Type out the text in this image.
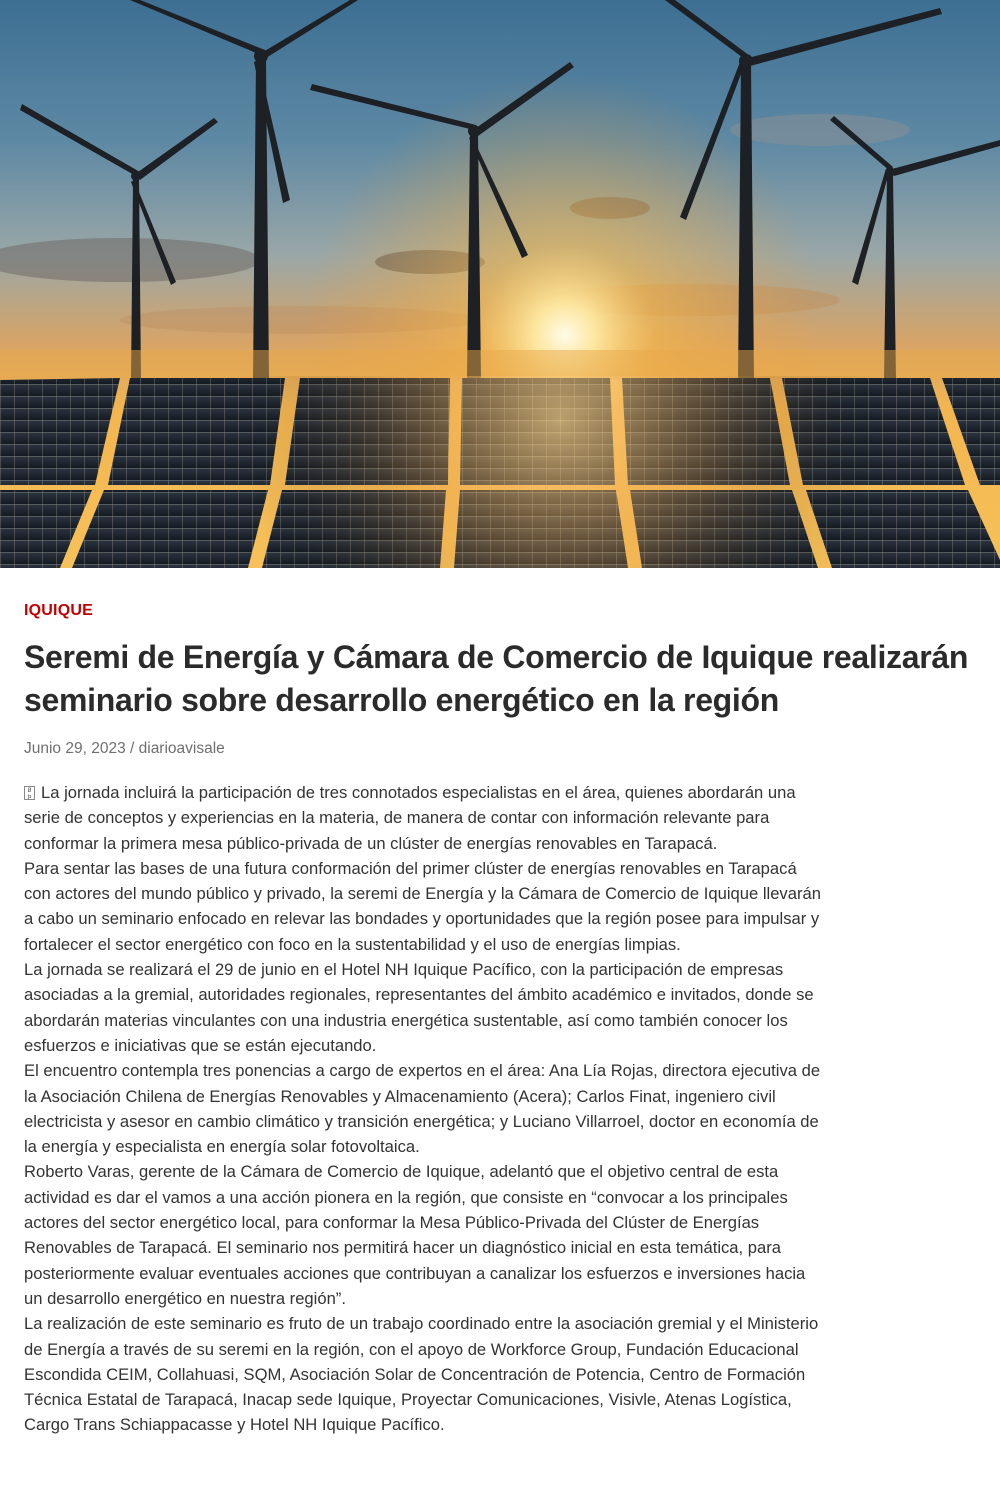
IQUIQUE
Seremi de Energía y Cámara de Comercio de Iquique realizarán seminario sobre desarrollo energético en la región
Junio 29, 2023 / diarioavisale

Ø
Þ La jornada incluirá la participación de tres connotados especialistas en el área, quienes abordarán una serie de conceptos y experiencias en la materia, de manera de contar con información relevante para conformar la primera mesa público-privada de un clúster de energías renovables en Tarapacá.

Para sentar las bases de una futura conformación del primer clúster de energías renovables en Tarapacá con actores del mundo público y privado, la seremi de Energía y la Cámara de Comercio de Iquique llevarán a cabo un seminario enfocado en relevar las bondades y oportunidades que la región posee para impulsar y fortalecer el sector energético con foco en la sustentabilidad y el uso de energías limpias.

La jornada se realizará el 29 de junio en el Hotel NH Iquique Pacífico, con la participación de empresas asociadas a la gremial, autoridades regionales, representantes del ámbito académico e invitados, donde se abordarán materias vinculantes con una industria energética sustentable, así como también conocer los esfuerzos e iniciativas que se están ejecutando.

El encuentro contempla tres ponencias a cargo de expertos en el área: Ana Lía Rojas, directora ejecutiva de la Asociación Chilena de Energías Renovables y Almacenamiento (Acera); Carlos Finat, ingeniero civil electricista y asesor en cambio climático y transición energética; y Luciano Villarroel, doctor en economía de la energía y especialista en energía solar fotovoltaica.

Roberto Varas, gerente de la Cámara de Comercio de Iquique, adelantó que el objetivo central de esta actividad es dar el vamos a una acción pionera en la región, que consiste en “convocar a los principales actores del sector energético local, para conformar la Mesa Público-Privada del Clúster de Energías Renovables de Tarapacá. El seminario nos permitirá hacer un diagnóstico inicial en esta temática, para posteriormente evaluar eventuales acciones que contribuyan a canalizar los esfuerzos e inversiones hacia un desarrollo energético en nuestra región”.

La realización de este seminario es fruto de un trabajo coordinado entre la asociación gremial y el Ministerio de Energía a través de su seremi en la región, con el apoyo de Workforce Group, Fundación Educacional Escondida CEIM, Collahuasi, SQM, Asociación Solar de Concentración de Potencia, Centro de Formación Técnica Estatal de Tarapacá, Inacap sede Iquique, Proyectar Comunicaciones, Visivle, Atenas Logística, Cargo Trans Schiappacasse y Hotel NH Iquique Pacífico.
